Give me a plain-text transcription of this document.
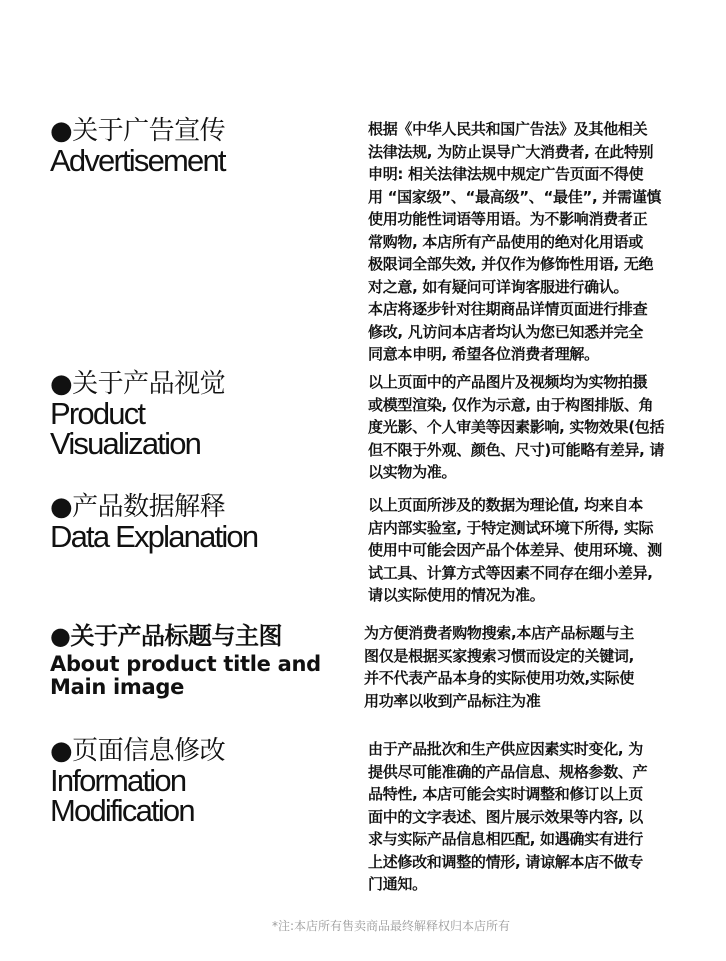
●关于广告宣传
Advertisement
根据《中华人民共和国广告法》及其他相关
法律法规, 为防止误导广大消费者, 在此特别
申明: 相关法律法规中规定广告页面不得使
用 “国家级”、“最高级”、“最佳”, 并需谨慎
使用功能性词语等用语。为不影响消费者正
常购物, 本店所有产品使用的绝对化用语或
极限词全部失效, 并仅作为修饰性用语, 无绝
对之意, 如有疑问可详询客服进行确认。
本店将逐步针对往期商品详情页面进行排查
修改, 凡访问本店者均认为您已知悉并完全
同意本申明, 希望各位消费者理解。
●关于产品视觉
Product
Visualization
以上页面中的产品图片及视频均为实物拍摄
或模型渲染, 仅作为示意, 由于构图排版、角
度光影、个人审美等因素影响, 实物效果(包括
但不限于外观、颜色、尺寸)可能略有差异, 请
以实物为准。
●产品数据解释
Data Explanation
以上页面所涉及的数据为理论值, 均来自本
店内部实验室, 于特定测试环境下所得, 实际
使用中可能会因产品个体差异、使用环境、测
试工具、计算方式等因素不同存在细小差异,
请以实际使用的情况为准。
●关于产品标题与主图
About product title and
Main image
为方便消费者购物搜索,本店产品标题与主
图仅是根据买家搜索习惯而设定的关键词,
并不代表产品本身的实际使用功效,实际使
用功率以收到产品标注为准
●页面信息修改
Information
Modification
由于产品批次和生产供应因素实时变化, 为
提供尽可能准确的产品信息、规格参数、产
品特性, 本店可能会实时调整和修订以上页
面中的文字表述、图片展示效果等内容, 以
求与实际产品信息相匹配, 如遇确实有进行
上述修改和调整的情形, 请谅解本店不做专
门通知。
*注:本店所有售卖商品最终解释权归本店所有
